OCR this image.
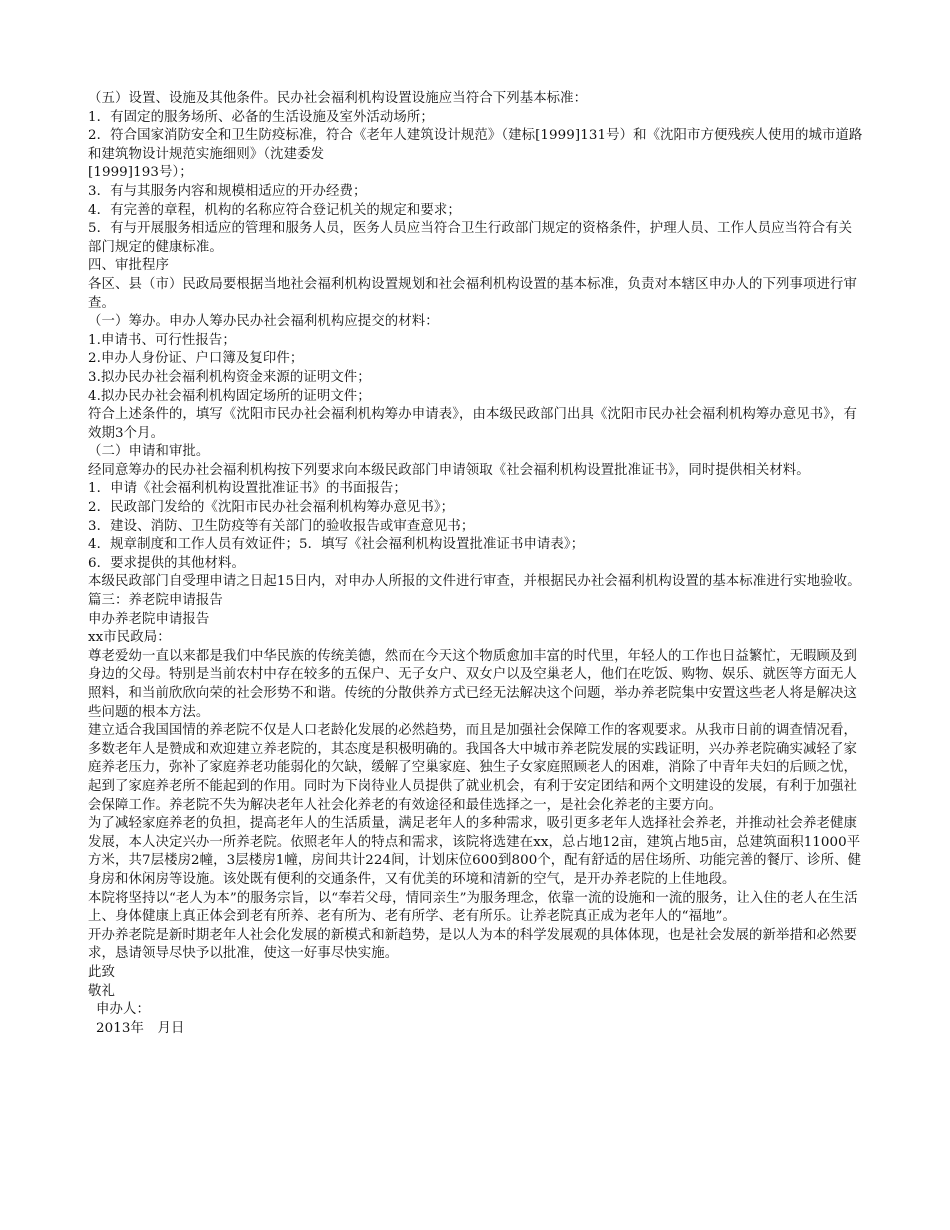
（五）设置、设施及其他条件。民办社会福利机构设置设施应当符合下列基本标准：

1．有固定的服务场所、必备的生活设施及室外活动场所；

2．符合国家消防安全和卫生防疫标准，符合《老年人建筑设计规范》（建标[1999]131号）和《沈阳市方便残疾人使用的城市道路和建筑物设计规范实施细则》（沈建委发

[1999]193号）；

3．有与其服务内容和规模相适应的开办经费；

4．有完善的章程，机构的名称应符合登记机关的规定和要求；

5．有与开展服务相适应的管理和服务人员，医务人员应当符合卫生行政部门规定的资格条件，护理人员、工作人员应当符合有关部门规定的健康标准。

四、审批程序

各区、县（市）民政局要根据当地社会福利机构设置规划和社会福利机构设置的基本标准，负责对本辖区申办人的下列事项进行审查。

（一）筹办。申办人筹办民办社会福利机构应提交的材料：

1.申请书、可行性报告；

2.申办人身份证、户口簿及复印件；

3.拟办民办社会福利机构资金来源的证明文件；

4.拟办民办社会福利机构固定场所的证明文件；

符合上述条件的，填写《沈阳市民办社会福利机构筹办申请表》，由本级民政部门出具《沈阳市民办社会福利机构筹办意见书》，有效期3个月。

（二）申请和审批。

经同意筹办的民办社会福利机构按下列要求向本级民政部门申请领取《社会福利机构设置批准证书》，同时提供相关材料。

1．申请《社会福利机构设置批准证书》的书面报告；

2．民政部门发给的《沈阳市民办社会福利机构筹办意见书》；

3．建设、消防、卫生防疫等有关部门的验收报告或审查意见书；

4．规章制度和工作人员有效证件；5．填写《社会福利机构设置批准证书申请表》；

6．要求提供的其他材料。

本级民政部门自受理申请之日起15日内，对申办人所报的文件进行审查，并根据民办社会福利机构设置的基本标准进行实地验收。篇三：养老院申请报告

申办养老院申请报告

xx市民政局：

尊老爱幼一直以来都是我们中华民族的传统美德，然而在今天这个物质愈加丰富的时代里，年轻人的工作也日益繁忙，无暇顾及到身边的父母。特别是当前农村中存在较多的五保户、无子女户、双女户以及空巢老人，他们在吃饭、购物、娱乐、就医等方面无人照料，和当前欣欣向荣的社会形势不和谐。传统的分散供养方式已经无法解决这个问题，举办养老院集中安置这些老人将是解决这些问题的根本方法。

建立适合我国国情的养老院不仅是人口老龄化发展的必然趋势，而且是加强社会保障工作的客观要求。从我市日前的调查情况看，多数老年人是赞成和欢迎建立养老院的，其态度是积极明确的。我国各大中城市养老院发展的实践证明，兴办养老院确实减轻了家庭养老压力，弥补了家庭养老功能弱化的欠缺，缓解了空巢家庭、独生子女家庭照顾老人的困难，消除了中青年夫妇的后顾之忧，起到了家庭养老所不能起到的作用。同时为下岗待业人员提供了就业机会，有利于安定团结和两个文明建设的发展，有利于加强社会保障工作。养老院不失为解决老年人社会化养老的有效途径和最佳选择之一，是社会化养老的主要方向。

为了减轻家庭养老的负担，提高老年人的生活质量，满足老年人的多种需求，吸引更多老年人选择社会养老，并推动社会养老健康发展，本人决定兴办一所养老院。依照老年人的特点和需求，该院将选建在xx，总占地12亩，建筑占地5亩，总建筑面积11000平方米，共7层楼房2幢，3层楼房1幢，房间共计224间，计划床位600到800个，配有舒适的居住场所、功能完善的餐厅、诊所、健身房和休闲房等设施。该处既有便利的交通条件，又有优美的环境和清新的空气，是开办养老院的上佳地段。

本院将坚持以“老人为本”的服务宗旨，以“奉若父母，情同亲生”为服务理念，依靠一流的设施和一流的服务，让入住的老人在生活上、身体健康上真正体会到老有所养、老有所为、老有所学、老有所乐。让养老院真正成为老年人的“福地”。

开办养老院是新时期老年人社会化发展的新模式和新趋势，是以人为本的科学发展观的具体体现，也是社会发展的新举措和必然要求，恳请领导尽快予以批准，使这一好事尽快实施。

此致

敬礼

申办人：

2013年　月日
